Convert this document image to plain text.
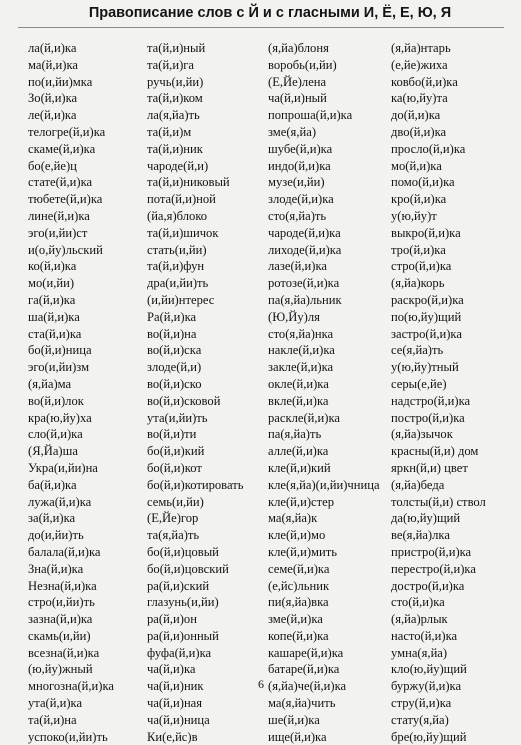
Правописание слов с Й и с гласными И, Ё, Е, Ю, Я
ла(й,и)ка
ма(й,и)ка
по(и,йи)мка
Зо(й,и)ка
ле(й,и)ка
телогре(й,и)ка
скаме(й,и)ка
бо(е,йе)ц
стате(й,и)ка
тюбете(й,и)ка
лине(й,и)ка
эго(и,йи)ст
и(о,йу)льский
ко(й,и)ка
мо(и,йи)
га(й,и)ка
ша(й,и)ка
ста(й,и)ка
бо(й,и)ница
эго(и,йи)зм
(я,йа)ма
во(й,и)лок
кра(ю,йу)ха
сло(й,и)ка
(Я,Йа)ша
Укра(и,йи)на
ба(й,и)ка
лужа(й,и)ка
за(й,и)ка
до(и,йи)ть
балала(й,и)ка
Зна(й,и)ка
Незна(й,и)ка
стро(и,йи)ть
зазна(й,и)ка
скамь(и,йи)
всезна(й,и)ка
(ю,йу)жный
многозна(й,и)ка
ута(й,и)ка
та(й,и)на
успоко(и,йи)ть
та(й,и)ный
та(й,и)га
ручь(и,йи)
та(й,и)ком
ла(я,йа)ть
та(й,и)м
та(й,и)ник
чароде(й,и)
та(й,и)никовый
пота(й,и)ной
(йа,я)блоко
та(й,и)шичок
стать(и,йи)
та(й,и)фун
дра(и,йи)ть
(и,йи)нтерес
Ра(й,и)ка
во(й,и)на
во(й,и)ска
злоде(й,и)
во(й,и)ско
во(й,и)сковой
ута(и,йи)ть
во(й,и)ти
бо(й,и)кий
бо(й,и)кот
бо(й,и)котировать
семь(и,йи)
(Е,Йе)гор
та(я,йа)ть
бо(й,и)цовый
бо(й,и)цовский
ра(й,и)ский
глазунь(и,йи)
ра(й,и)он
ра(й,и)онный
фуфа(й,и)ка
ча(й,и)ка
ча(й,и)ник
ча(й,и)ная
ча(й,и)ница
Ки(е,йс)в
(я,йа)блоня
воробь(и,йи)
(Е,Йе)лена
ча(й,и)ный
попроша(й,и)ка
зме(я,йа)
шубе(й,и)ка
индо(й,и)ка
музе(и,йи)
злоде(й,и)ка
сто(я,йа)ть
чароде(й,и)ка
лиходе(й,и)ка
лазе(й,и)ка
ротозе(й,и)ка
па(я,йа)льник
(Ю,Йу)ля
сто(я,йа)нка
накле(й,и)ка
закле(й,и)ка
окле(й,и)ка
вкле(й,и)ка
раскле(й,и)ка
па(я,йа)ть
алле(й,и)ка
кле(й,и)кий
кле(я,йа)(и,йи)чница
кле(й,и)стер
ма(я,йа)к
кле(й,и)мо
кле(й,и)мить
семе(й,и)ка
(е,йс)льник
пи(я,йа)вка
зме(й,и)ка
копе(й,и)ка
кашаре(й,и)ка
батаре(й,и)ка
(я,йа)че(й,и)ка
ма(я,йа)чить
ше(й,и)ка
ище(й,и)ка
(я,йа)нтарь
(е,йе)жиха
ковбо(й,и)ка
ка(ю,йу)та
до(й,и)ка
дво(й,и)ка
просло(й,и)ка
мо(й,и)ка
помо(й,и)ка
кро(й,и)ка
у(ю,йу)т
выкро(й,и)ка
тро(й,и)ка
стро(й,и)ка
(я,йа)корь
раскро(й,и)ка
по(ю,йу)щий
застро(й,и)ка
се(я,йа)ть
у(ю,йу)тный
серы(е,йе)
надстро(й,и)ка
постро(й,и)ка
(я,йа)зычок
красны(й,и) дом
яркн(й,и) цвет
(я,йа)беда
толсты(й,и) ствол
да(ю,йу)щий
ве(я,йа)лка
пристро(й,и)ка
перестро(й,и)ка
достро(й,и)ка
сто(й,и)ка
(я,йа)рлык
насто(й,и)ка
умна(я,йа)
кло(ю,йу)щий
буржу(й,и)ка
стру(й,и)ка
стату(я,йа)
бре(ю,йу)щий
6
